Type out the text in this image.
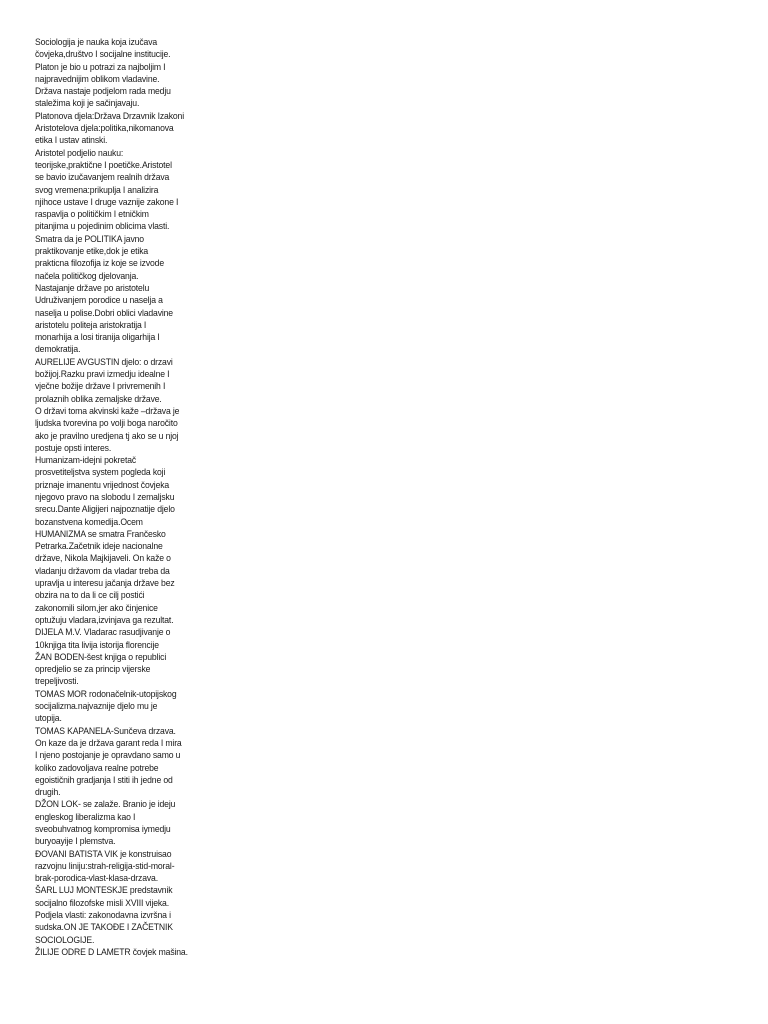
Sociologija je nauka koja izučava
čovjeka,društvo I socijalne institucije.
Platon je bio u potrazi za najboljim I
najpravednijim oblikom vladavine.
Država nastaje podjelom rada medju
staležima koji je sačinjavaju.
Platonova djela:Država Drzavnik Izakoni
Aristotelova djela:politika,nikomanova
etika I ustav atinski.
Aristotel podjelio nauku:
teorijske,praktične I poetičke.Aristotel
se bavio izučavanjem realnih država
svog vremena:prikuplja I analizira
njihoce ustave I druge vaznije zakone I
raspavlja o političkim I etničkim
pitanjima u pojedinim oblicima vlasti.
Smatra da je POLITIKA javno
praktikovanje etike,dok je etika
prakticna filozofija iz koje se izvode
načela političkog djelovanja.
Nastajanje države po aristotelu
Udruživanjem porodice u naselja a
naselja u polise.Dobri oblici vladavine
aristotelu politeja aristokratija I
monarhija a losi tiranija oligarhija I
demokratija.
AURELIJE AVGUSTIN djelo: o drzavi
božijoj.Razku pravi izmedju idealne I
vječne božije države I privremenih I
prolaznih oblika zemaljske države.
O državi toma akvinski kaže –država je
ljudska tvorevina po volji boga naročito
ako je pravilno uredjena tj ako se u njoj
postuje opsti interes.
Humanizam-idejni pokretač
prosvetiteljstva system pogleda koji
priznaje imanentu vrijednost čovjeka
njegovo pravo na slobodu I zemaljsku
srecu.Dante Aligijeri najpoznatije djelo
bozanstvena komedija.Ocem
HUMANIZMA se smatra Frančesko
Petrarka.Začetnik ideje nacionalne
države, Nikola Majkijaveli. On kaže o
vladanju državom da vladar treba da
upravlja u interesu jačanja države bez
obzira na to da li ce cilj postići
zakonomili silom,jer ako činjenice
optužuju vladara,izvinjava ga rezultat.
DIJELA M.V. Vladarac rasudjivanje o
10knjiga tita livija istorija florencije
ŽAN BODEN-šest knjiga o republici
opredjelio se za princip vijerske
trepeljivosti.
TOMAS MOR rodonačelnik-utopijskog
socijalizma.najvaznije djelo mu je
utopija.
TOMAS KAPANELA-Sunčeva drzava.
On kaze da je država garant reda I mira
I njeno postojanje je opravdano samo u
koliko zadovoljava realne potrebe
egoističnih gradjanja I stiti ih jedne od
drugih.
DŽON LOK- se zalaže. Branio je ideju
engleskog liberalizma kao I
sveobuhvatnog kompromisa iymedju
buryoayije I plemstva.
ĐOVANI BATISTA VIK je konstruisao
razvojnu liniju:strah-religija-stid-moral-
brak-porodica-vlast-klasa-drzava.
ŠARL LUJ MONTESKJE predstavnik
socijalno filozofske misli XVIII vijeka.
Podjela vlasti: zakonodavna izvršna i
sudska.ON JE TAKOĐE I ZAČETNIK
SOCIOLOGIJE.
ŽILIJE ODRE D LAMETR čovjek mašina.
